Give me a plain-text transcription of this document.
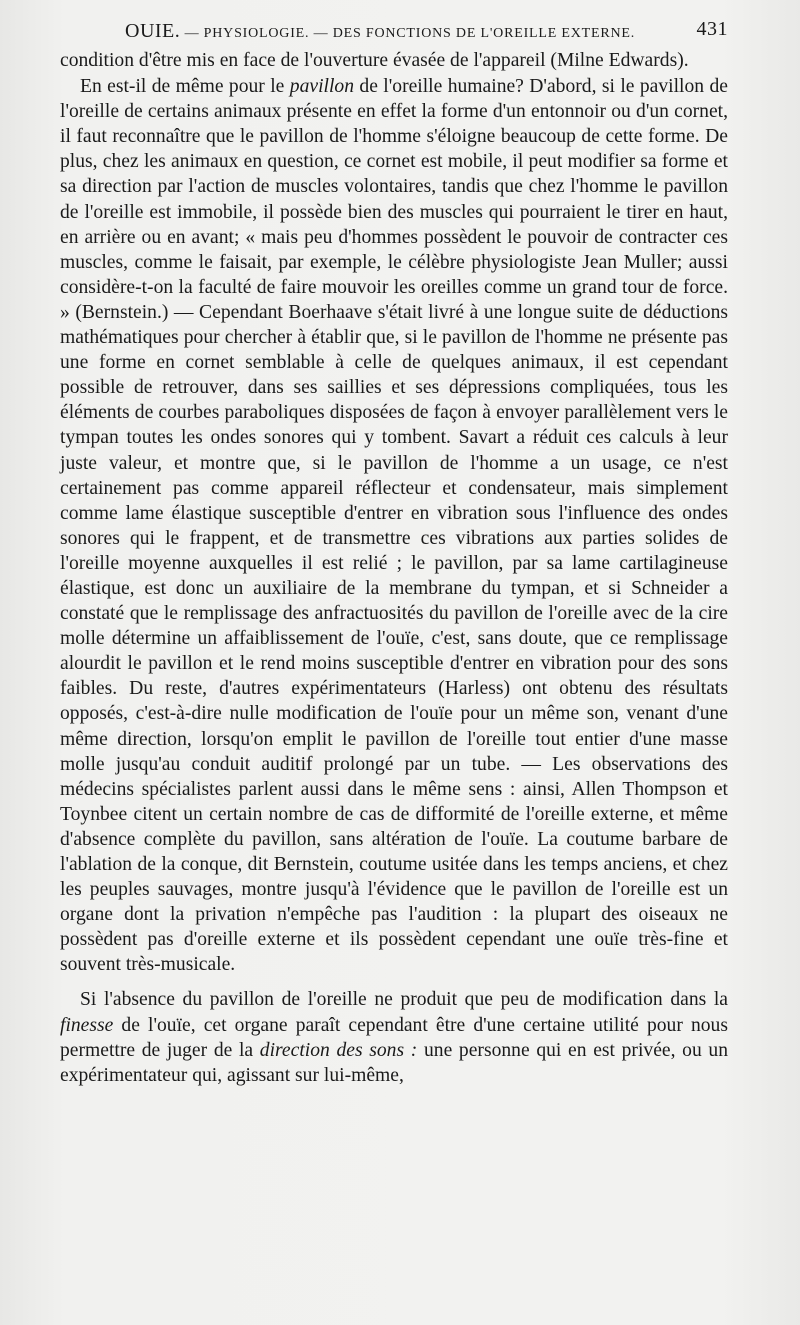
OUIE. — PHYSIOLOGIE. — DES FONCTIONS DE L'OREILLE EXTERNE.	431

condition d'être mis en face de l'ouverture évasée de l'appareil (Milne Edwards).

En est-il de même pour le pavillon de l'oreille humaine? D'abord, si le pavillon de l'oreille de certains animaux présente en effet la forme d'un entonnoir ou d'un cornet, il faut reconnaître que le pavillon de l'homme s'éloigne beaucoup de cette forme. De plus, chez les animaux en question, ce cornet est mobile, il peut modifier sa forme et sa direction par l'action de muscles volontaires, tandis que chez l'homme le pavillon de l'oreille est immobile, il possède bien des muscles qui pourraient le tirer en haut, en arrière ou en avant; « mais peu d'hommes possèdent le pouvoir de contracter ces muscles, comme le faisait, par exemple, le célèbre physiologiste Jean Muller; aussi considère-t-on la faculté de faire mouvoir les oreilles comme un grand tour de force. » (Bernstein.) — Cependant Boerhaave s'était livré à une longue suite de déductions mathématiques pour chercher à établir que, si le pavillon de l'homme ne présente pas une forme en cornet semblable à celle de quelques animaux, il est cependant possible de retrouver, dans ses saillies et ses dépressions compliquées, tous les éléments de courbes paraboliques disposées de façon à envoyer parallèlement vers le tympan toutes les ondes sonores qui y tombent. Savart a réduit ces calculs à leur juste valeur, et montre que, si le pavillon de l'homme a un usage, ce n'est certainement pas comme appareil réflecteur et condensateur, mais simplement comme lame élastique susceptible d'entrer en vibration sous l'influence des ondes sonores qui le frappent, et de transmettre ces vibrations aux parties solides de l'oreille moyenne auxquelles il est relié ; le pavillon, par sa lame cartilagineuse élastique, est donc un auxiliaire de la membrane du tympan, et si Schneider a constaté que le remplissage des anfractuosités du pavillon de l'oreille avec de la cire molle détermine un affaiblissement de l'ouïe, c'est, sans doute, que ce remplissage alourdit le pavillon et le rend moins susceptible d'entrer en vibration pour des sons faibles. Du reste, d'autres expérimentateurs (Harless) ont obtenu des résultats opposés, c'est-à-dire nulle modification de l'ouïe pour un même son, venant d'une même direction, lorsqu'on emplit le pavillon de l'oreille tout entier d'une masse molle jusqu'au conduit auditif prolongé par un tube. — Les observations des médecins spécialistes parlent aussi dans le même sens : ainsi, Allen Thompson et Toynbee citent un certain nombre de cas de difformité de l'oreille externe, et même d'absence complète du pavillon, sans altération de l'ouïe. La coutume barbare de l'ablation de la conque, dit Bernstein, coutume usitée dans les temps anciens, et chez les peuples sauvages, montre jusqu'à l'évidence que le pavillon de l'oreille est un organe dont la privation n'empêche pas l'audition : la plupart des oiseaux ne possèdent pas d'oreille externe et ils possèdent cependant une ouïe très-fine et souvent très-musicale.

Si l'absence du pavillon de l'oreille ne produit que peu de modification dans la finesse de l'ouïe, cet organe paraît cependant être d'une certaine utilité pour nous permettre de juger de la direction des sons : une personne qui en est privée, ou un expérimentateur qui, agissant sur lui-même,
